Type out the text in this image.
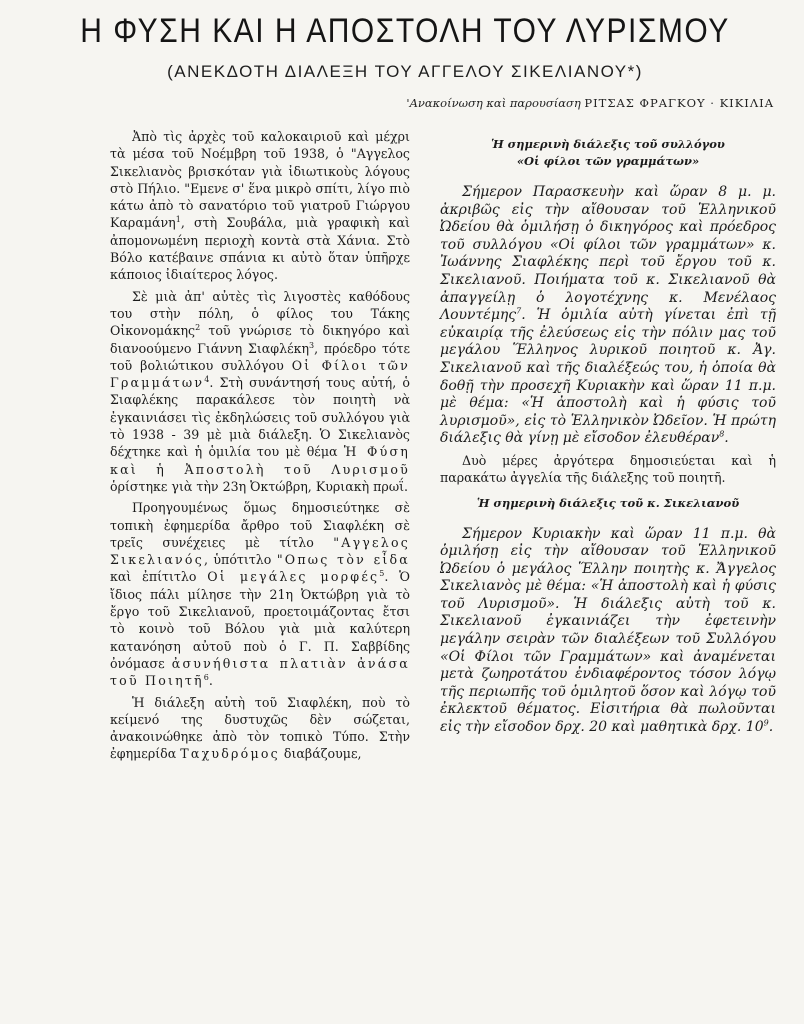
Η ΦΥΣΗ ΚΑΙ Η ΑΠΟΣΤΟΛΗ ΤΟΥ ΛΥΡΙΣΜΟΥ
(ΑΝΕΚΔΟΤΗ ΔΙΑΛΕΞΗ ΤΟΥ ΑΓΓΕΛΟΥ ΣΙΚΕΛΙΑΝΟΥ*)
'Ανακοίνωση καὶ παρουσίαση ΡΙΤΣΑΣ ΦΡΑΓΚΟΥ · ΚΙΚΙΛΙΑ

Ἀπὸ τὶς ἀρχὲς τοῦ καλοκαιριοῦ καὶ μέχρι τὰ μέσα τοῦ Νοέμβρη τοῦ 1938, ὁ "Αγγελος Σικελιανὸς βρισκόταν γιὰ ἰδιωτικοὺς λόγους στὸ Πήλιο. "Εμενε σ' ἕνα μικρὸ σπίτι, λίγο πιὸ κάτω ἀπὸ τὸ σανατόριο τοῦ γιατροῦ Γιώργου Καραμάνη$^1$, στὴ Σουβάλα, μιὰ γραφικὴ καὶ ἀπομονωμένη περιοχὴ κοντὰ στὰ Χάνια. Στὸ Βόλο κατέβαινε σπάνια κι αὐτὸ ὅταν ὑπῆρχε κάποιος ἰδιαίτερος λόγος.

Σὲ μιὰ ἀπ' αὐτὲς τὶς λιγοστὲς καθόδους του στὴν πόλη, ὁ φίλος του Τάκης Οἰκονομάκης$^2$ τοῦ γνώρισε τὸ δικηγόρο καὶ διανοούμενο Γιάννη Σιαφλέκη$^3$, πρόεδρο τότε τοῦ βολιώτικου συλλόγου Οἱ Φίλοι τῶν Γραμμάτων$^4$. Στὴ συνάντησή τους αὐτή, ὁ Σιαφλέκης παρακάλεσε τὸν ποιητὴ νὰ ἐγκαινιάσει τὶς ἐκδηλώσεις τοῦ συλλόγου γιὰ τὸ 1938 - 39 μὲ μιὰ διάλεξη. Ὁ Σικελιανὸς δέχτηκε καὶ ἡ ὁμιλία του μὲ θέμα Ἡ Φύση καὶ ἡ Ἀποστολὴ τοῦ Λυρισμοῦ ὁρίστηκε γιὰ τὴν 23η Ὀκτώβρη, Κυριακὴ πρωΐ.

Προηγουμένως ὅμως δημοσιεύτηκε σὲ τοπικὴ ἐφημερίδα ἄρθρο τοῦ Σιαφλέκη σὲ τρεῖς συνέχειες μὲ τίτλο "Αγγελος Σικελιανός, ὑπότιτλο "Οπως τὸν εἶδα καὶ ἐπίτιτλο Οἱ μεγάλες μορφές$^5$. Ὁ ἴδιος πάλι μίλησε τὴν 21η Ὀκτώβρη γιὰ τὸ ἔργο τοῦ Σικελιανοῦ, προετοιμάζοντας ἔτσι τὸ κοινὸ τοῦ Βόλου γιὰ μιὰ καλύτερη κατανόηση αὐτοῦ ποὺ ὁ Γ. Π. Σαββίδης ὀνόμασε ἀσυνήθιστα πλατιὰν ἀνάσα τοῦ Ποιητῆ$^6$.

Ἡ διάλεξη αὐτὴ τοῦ Σιαφλέκη, ποὺ τὸ κείμενό της δυστυχῶς δὲν σώζεται, ἀνακοινώθηκε ἀπὸ τὸν τοπικὸ Τύπο. Στὴν ἐφημερίδα Ταχυδρόμος διαβάζουμε,

Ἡ σημερινὴ διάλεξις τοῦ συλλόγου
«Οἱ φίλοι τῶν γραμμάτων»

Σήμερον Παρασκευὴν καὶ ὥραν 8 μ. μ. ἀκριβῶς εἰς τὴν αἴθουσαν τοῦ Ἑλληνικοῦ Ὠδείου θὰ ὁμιλήσῃ ὁ δικηγόρος καὶ πρόεδρος τοῦ συλλόγου «Οἱ φίλοι τῶν γραμμάτων» κ. Ἰωάννης Σιαφλέκης περὶ τοῦ ἔργου τοῦ κ. Σικελιανοῦ. Ποιήματα τοῦ κ. Σικελιανοῦ θὰ ἀπαγγείλῃ ὁ λογοτέχνης κ. Μενέλαος Λουντέμης$^7$. Ἡ ὁμιλία αὐτὴ γίνεται ἐπὶ τῇ εὐκαιρίᾳ τῆς ἐλεύσεως εἰς τὴν πόλιν μας τοῦ μεγάλου Ἕλληνος λυρικοῦ ποιητοῦ κ. Ἀγ. Σικελιανοῦ καὶ τῆς διαλέξεώς του, ἡ ὁποία θὰ δοθῇ τὴν προσεχῆ Κυριακὴν καὶ ὥραν 11 π.μ. μὲ θέμα: «Ἡ ἀποστολὴ καὶ ἡ φύσις τοῦ λυρισμοῦ», εἰς τὸ Ἑλληνικὸν Ὠδεῖον. Ἡ πρώτη διάλεξις θὰ γίνῃ μὲ εἴσοδον ἐλευθέραν$^8$.

Δυὸ μέρες ἀργότερα δημοσιεύεται καὶ ἡ παρακάτω ἀγγελία τῆς διάλεξης τοῦ ποιητῆ.

Ἡ σημερινὴ διάλεξις τοῦ κ. Σικελιανοῦ

Σήμερον Κυριακὴν καὶ ὥραν 11 π.μ. θὰ ὁμιλήσῃ εἰς τὴν αἴθουσαν τοῦ Ἑλληνικοῦ Ὠδείου ὁ μεγάλος Ἕλλην ποιητὴς κ. Ἄγγελος Σικελιανὸς μὲ θέμα: «Ἡ ἀποστολὴ καὶ ἡ φύσις τοῦ Λυρισμοῦ». Ἡ διάλεξις αὐτὴ τοῦ κ. Σικελιανοῦ ἐγκαινιάζει τὴν ἐφετεινὴν μεγάλην σειρὰν τῶν διαλέξεων τοῦ Συλλόγου «Οἱ Φίλοι τῶν Γραμμάτων» καὶ ἀναμένεται μετὰ ζωηροτάτου ἐνδιαφέροντος τόσον λόγῳ τῆς περιωπῆς τοῦ ὁμιλητοῦ ὅσον καὶ λόγῳ τοῦ ἐκλεκτοῦ θέματος. Εἰσιτήρια θὰ πωλοῦνται εἰς τὴν εἴσοδον δρχ. 20 καὶ μαθητικὰ δρχ. $10^9$.
